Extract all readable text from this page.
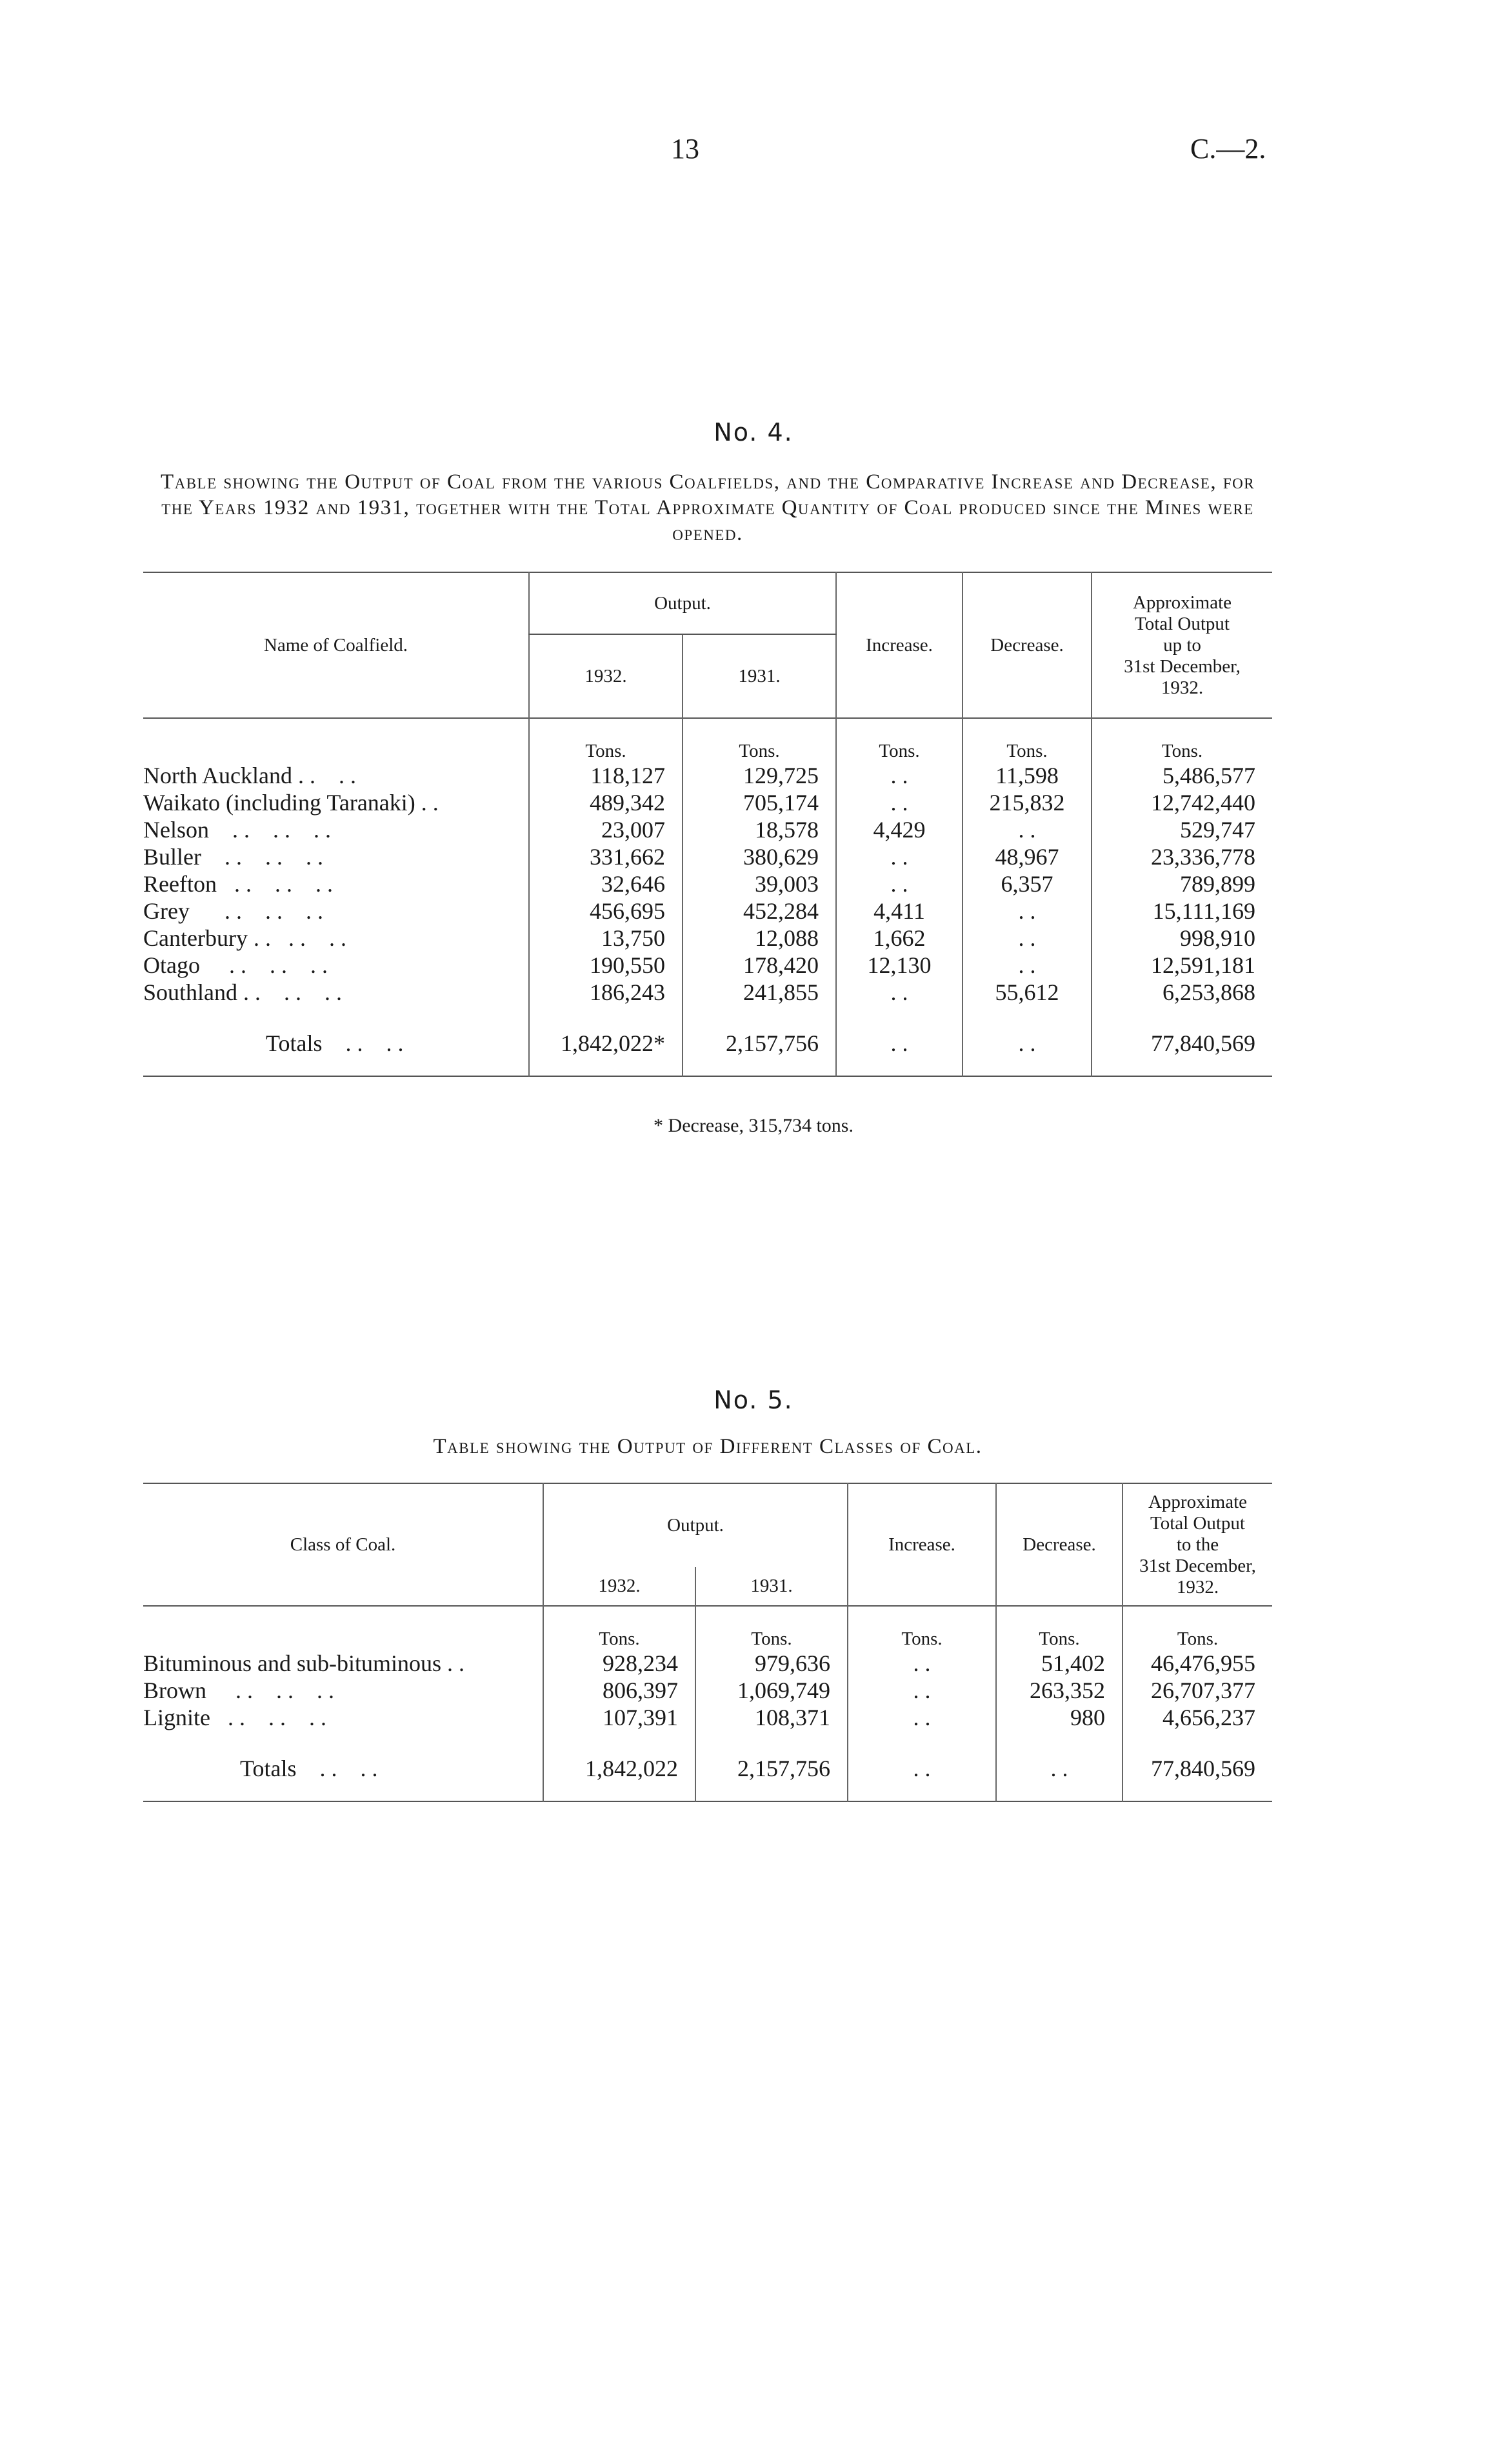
13	C.—2.
No. 4.
Table showing the Output of Coal from the various Coalfields, and the Comparative Increase and Decrease, for the Years 1932 and 1931, together with the Total Approximate Quantity of Coal produced since the Mines were opened.
Name of Coalfield.	Output.		Increase.	Decrease.	Approximate
Total Output
up to
31st December,
1932.

	1932.	1931.			
	Tons.	Tons.	Tons.	Tons.	Tons.
North Auckland . .    . .	118,127	129,725	. .	11,598	5,486,577
Waikato (including Taranaki) . .	489,342	705,174	. .	215,832	12,742,440
Nelson    . .    . .    . .	23,007	18,578	4,429	. .	529,747
Buller    . .    . .    . .	331,662	380,629	. .	48,967	23,336,778
Reefton   . .    . .    . .	32,646	39,003	. .	6,357	789,899
Grey      . .    . .    . .	456,695	452,284	4,411	. .	15,111,169
Canterbury . .   . .    . .	13,750	12,088	1,662	. .	998,910
Otago     . .    . .    . .	190,550	178,420	12,130	. .	12,591,181
Southland . .    . .    . .	186,243	241,855	. .	55,612	6,253,868
Totals    . .    . .	1,842,022*	2,157,756	. .	. .	77,840,569
* Decrease, 315,734 tons.
No. 5.
Table showing the Output of Different Classes of Coal.
Class of Coal.	Output.		Increase.	Decrease.	Approximate
Total Output
to the
31st December,
1932.

	1932.	1931.			
	Tons.	Tons.	Tons.	Tons.	Tons.
Bituminous and sub-bituminous . .	928,234	979,636	. .	51,402	46,476,955
Brown     . .    . .    . .	806,397	1,069,749	. .	263,352	26,707,377
Lignite   . .    . .    . .	107,391	108,371	. .	980	4,656,237
Totals    . .    . .	1,842,022	2,157,756	. .	. .	77,840,569
